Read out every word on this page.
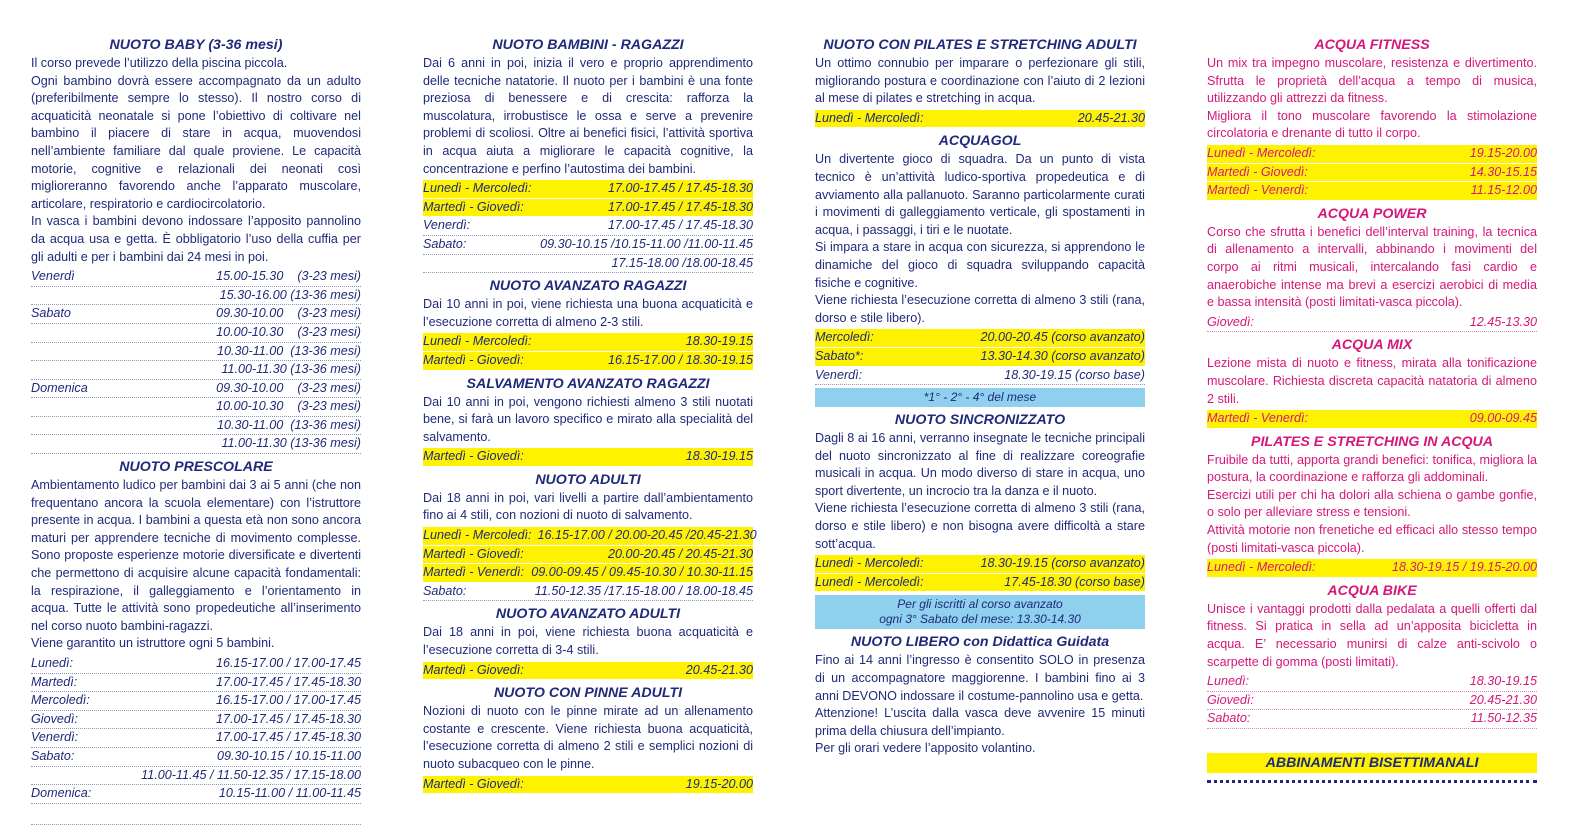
NUOTO BABY (3-36 mesi)

Il corso prevede l’utilizzo della piscina piccola.

Ogni bambino dovrà essere accompagnato da un adulto (preferibilmente sempre lo stesso). Il nostro corso di acquaticità neonatale si pone l’obiettivo di coltivare nel bambino il piacere di stare in acqua, muovendosi nell’ambiente familiare dal quale proviene. Le capacità motorie, cognitive e relazionali dei neonati così miglioreranno favorendo anche l’apparato muscolare, articolare, respiratorio e cardiocircolatorio.

In vasca i bambini devono indossare l’apposito pannolino da acqua usa e getta. È obbligatorio l’uso della cuffia per gli adulti e per i bambini dai 24 mesi in poi.

Venerdì	15.00-15.30    (3-23 mesi)
15.30-16.00 (13-36 mesi)
Sabato	09.30-10.00    (3-23 mesi)
10.00-10.30    (3-23 mesi)
10.30-11.00  (13-36 mesi)
11.00-11.30 (13-36 mesi)
Domenica	09.30-10.00    (3-23 mesi)
10.00-10.30    (3-23 mesi)
10.30-11.00  (13-36 mesi)
11.00-11.30 (13-36 mesi)
NUOTO PRESCOLARE

Ambientamento ludico per bambini dai 3 ai 5 anni (che non frequentano ancora la scuola elementare) con l’istruttore presente in acqua. I bambini a questa età non sono ancora maturi per apprendere tecniche di movimento complesse. Sono proposte esperienze motorie diversificate e divertenti che permettono di acquisire alcune capacità fondamentali: la respirazione, il galleggiamento e l’orientamento in acqua. Tutte le attività sono propedeutiche all’inserimento nel corso nuoto bambini-ragazzi.

Viene garantito un istruttore ogni 5 bambini.

Lunedì:	16.15-17.00 / 17.00-17.45
Martedì:	17.00-17.45 / 17.45-18.30
Mercoledì:	16.15-17.00 / 17.00-17.45
Giovedì:	17.00-17.45 / 17.45-18.30
Venerdì:	17.00-17.45 / 17.45-18.30
Sabato:	09.30-10.15 / 10.15-11.00
11.00-11.45 / 11.50-12.35 / 17.15-18.00
Domenica:	10.15-11.00 / 11.00-11.45
NUOTO BAMBINI - RAGAZZI

Dai 6 anni in poi, inizia il vero e proprio apprendimento delle tecniche natatorie. Il nuoto per i bambini è una fonte preziosa di benessere e di crescita: rafforza la muscolatura, irrobustisce le ossa e serve a prevenire problemi di scoliosi. Oltre ai benefici fisici, l’attività sportiva in acqua aiuta a migliorare le capacità cognitive, la concentrazione e perfino l’autostima dei bambini.

Lunedì - Mercoledì:	17.00-17.45 / 17.45-18.30
Martedì - Giovedì:	17.00-17.45 / 17.45-18.30
Venerdì:	17.00-17.45 / 17.45-18.30
Sabato:	09.30-10.15 /10.15-11.00 /11.00-11.45
17.15-18.00 /18.00-18.45
NUOTO AVANZATO RAGAZZI

Dai 10 anni in poi, viene richiesta una buona acquaticità e l’esecuzione corretta di almeno 2-3 stili.

Lunedì - Mercoledì:	18.30-19.15
Martedì - Giovedì:	16.15-17.00 / 18.30-19.15
SALVAMENTO AVANZATO RAGAZZI

Dai 10 anni in poi, vengono richiesti almeno 3 stili nuotati bene, si farà un lavoro specifico e mirato alla specialità del salvamento.

Martedì - Giovedì:	18.30-19.15
NUOTO ADULTI

Dai 18 anni in poi, vari livelli a partire dall’ambientamento fino ai 4 stili, con nozioni di nuoto di salvamento.

Lunedì - Mercoledì: 16.15-17.00 / 20.00-20.45 /20.45-21.30
Martedì - Giovedì:	20.00-20.45 / 20.45-21.30
Martedì - Venerdì: 09.00-09.45 / 09.45-10.30 / 10.30-11.15
Sabato:	11.50-12.35 /17.15-18.00 / 18.00-18.45
NUOTO AVANZATO ADULTI

Dai 18 anni in poi, viene richiesta buona acquaticità e l’esecuzione corretta di 3-4 stili.

Martedì - Giovedì:	20.45-21.30
NUOTO CON PINNE ADULTI

Nozioni di nuoto con le pinne mirate ad un allenamento costante e crescente. Viene richiesta buona acquaticità, l’esecuzione corretta di almeno 2 stili e semplici nozioni di nuoto subacqueo con le pinne.

Martedì - Giovedì:	19.15-20.00
NUOTO CON PILATES E STRETCHING ADULTI

Un ottimo connubio per imparare o perfezionare gli stili, migliorando postura e coordinazione con l’aiuto di 2 lezioni al mese di pilates e stretching in acqua.

Lunedì - Mercoledì:	20.45-21.30
ACQUAGOL

Un divertente gioco di squadra. Da un punto di vista tecnico è un’attività ludico-sportiva propedeutica e di avviamento alla pallanuoto. Saranno particolarmente curati i movimenti di galleggiamento verticale, gli spostamenti in acqua, i passaggi, i tiri e le nuotate.

Si impara a stare in acqua con sicurezza, si apprendono le dinamiche del gioco di squadra sviluppando capacità fisiche e cognitive.

Viene richiesta l’esecuzione corretta di almeno 3 stili (rana, dorso e stile libero).

Mercoledì:	20.00-20.45 (corso avanzato)
Sabato*:	13.30-14.30 (corso avanzato)
Venerdì:	18.30-19.15 (corso base)
*1° - 2° - 4° del mese
NUOTO SINCRONIZZATO

Dagli 8 ai 16 anni, verranno insegnate le tecniche principali del nuoto sincronizzato al fine di realizzare coreografie musicali in acqua. Un modo diverso di stare in acqua, uno sport divertente, un incrocio tra la danza e il nuoto.

Viene richiesta l’esecuzione corretta di almeno 3 stili (rana, dorso e stile libero) e non bisogna avere difficoltà a stare sott’acqua.

Lunedì - Mercoledì:	18.30-19.15 (corso avanzato)
Lunedì - Mercoledì:	17.45-18.30 (corso base)
Per gli iscritti al corso avanzato
ogni 3° Sabato del mese: 13.30-14.30
NUOTO LIBERO con Didattica Guidata

Fino ai 14 anni l’ingresso è consentito SOLO in presenza di un accompagnatore maggiorenne. I bambini fino ai 3 anni DEVONO indossare il costume-pannolino usa e getta.

Attenzione! L’uscita dalla vasca deve avvenire 15 minuti prima della chiusura dell’impianto.

Per gli orari vedere l’apposito volantino.

ACQUA FITNESS

Un mix tra impegno muscolare, resistenza e divertimento. Sfrutta le proprietà dell’acqua a tempo di musica, utilizzando gli attrezzi da fitness.

Migliora il tono muscolare favorendo la stimolazione circolatoria e drenante di tutto il corpo.

Lunedì - Mercoledì:	19.15-20.00
Martedì - Giovedì:	14.30-15.15
Martedì - Venerdì:	11.15-12.00
ACQUA POWER

Corso che sfrutta i benefici dell’interval training, la tecnica di allenamento a intervalli, abbinando i movimenti del corpo ai ritmi musicali, intercalando fasi cardio e anaerobiche intense ma brevi a esercizi aerobici di media e bassa intensità (posti limitati-vasca piccola).

Giovedì:	12.45-13.30
ACQUA MIX

Lezione mista di nuoto e fitness, mirata alla tonificazione muscolare. Richiesta discreta capacità natatoria di almeno 2 stili.

Martedì - Venerdì:	09.00-09.45
PILATES E STRETCHING IN ACQUA

Fruibile da tutti, apporta grandi benefici: tonifica, migliora la postura, la coordinazione e rafforza gli addominali.

Esercizi utili per chi ha dolori alla schiena o gambe gonfie, o solo per alleviare stress e tensioni.

Attività motorie non frenetiche ed efficaci allo stesso tempo (posti limitati-vasca piccola).

Lunedì - Mercoledì:	18.30-19.15 / 19.15-20.00
ACQUA BIKE

Unisce i vantaggi prodotti dalla pedalata a quelli offerti dal fitness. Si pratica in sella ad un’apposita bicicletta in acqua. E’ necessario munirsi di calze anti-scivolo o scarpette di gomma (posti limitati).

Lunedì:	18.30-19.15
Giovedì:	20.45-21.30
Sabato:	11.50-12.35
ABBINAMENTI BISETTIMANALI
